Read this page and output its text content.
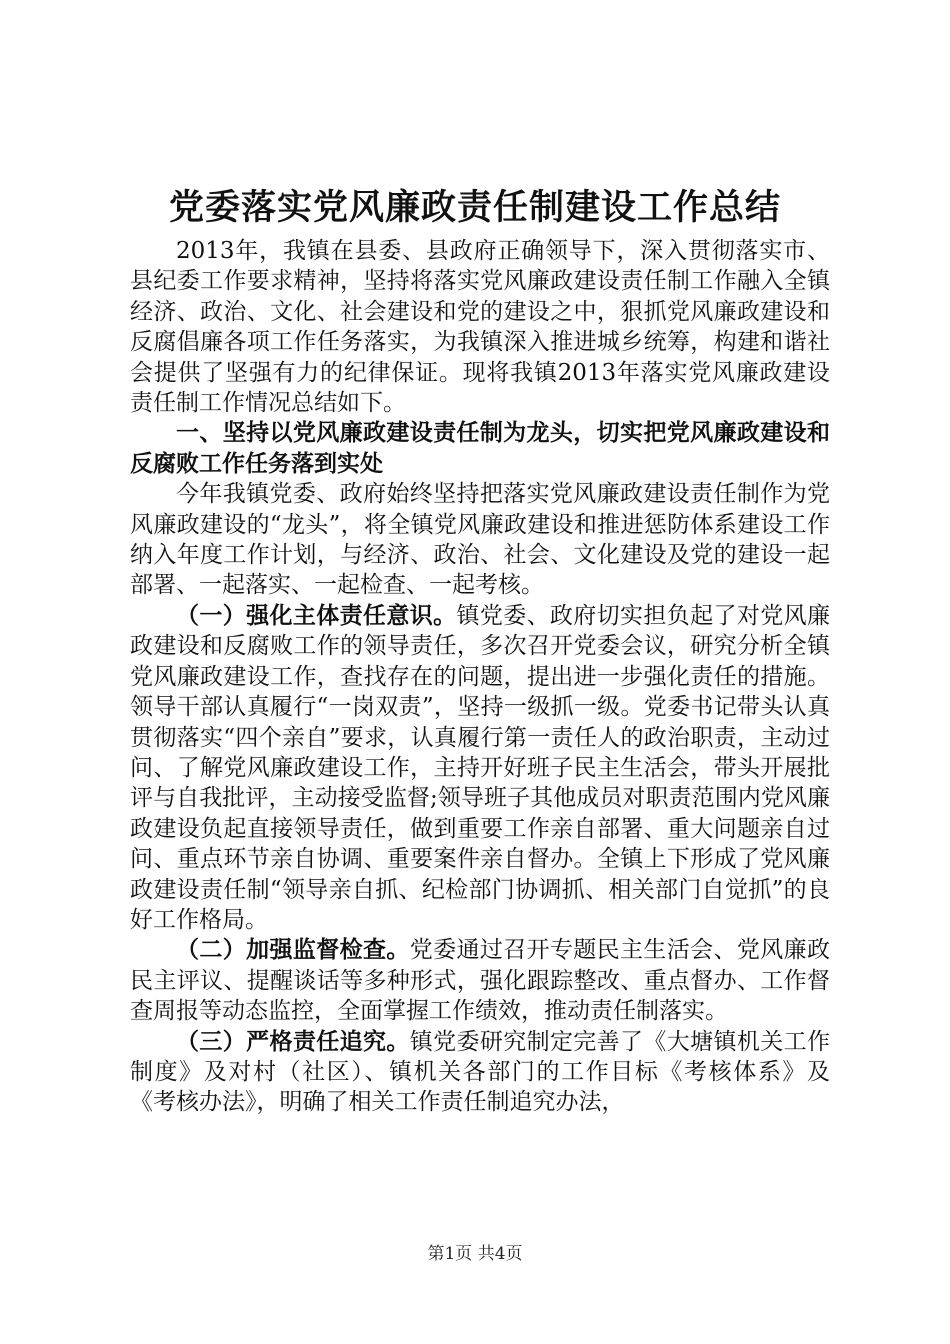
党委落实党风廉政责任制建设工作总结

2013年，我镇在县委、县政府正确领导下，深入贯彻落实市、县纪委工作要求精神，坚持将落实党风廉政建设责任制工作融入全镇经济、政治、文化、社会建设和党的建设之中，狠抓党风廉政建设和反腐倡廉各项工作任务落实，为我镇深入推进城乡统筹，构建和谐社会提供了坚强有力的纪律保证。现将我镇2013年落实党风廉政建设责任制工作情况总结如下。

一、坚持以党风廉政建设责任制为龙头，切实把党风廉政建设和反腐败工作任务落到实处

今年我镇党委、政府始终坚持把落实党风廉政建设责任制作为党风廉政建设的“龙头”，将全镇党风廉政建设和推进惩防体系建设工作纳入年度工作计划，与经济、政治、社会、文化建设及党的建设一起部署、一起落实、一起检查、一起考核。

（一）强化主体责任意识。镇党委、政府切实担负起了对党风廉政建设和反腐败工作的领导责任，多次召开党委会议，研究分析全镇党风廉政建设工作，查找存在的问题，提出进一步强化责任的措施。领导干部认真履行“一岗双责”，坚持一级抓一级。党委书记带头认真贯彻落实“四个亲自”要求，认真履行第一责任人的政治职责，主动过问、了解党风廉政建设工作，主持开好班子民主生活会，带头开展批评与自我批评，主动接受监督;领导班子其他成员对职责范围内党风廉政建设负起直接领导责任，做到重要工作亲自部署、重大问题亲自过问、重点环节亲自协调、重要案件亲自督办。全镇上下形成了党风廉政建设责任制“领导亲自抓、纪检部门协调抓、相关部门自觉抓”的良好工作格局。

（二）加强监督检查。党委通过召开专题民主生活会、党风廉政民主评议、提醒谈话等多种形式，强化跟踪整改、重点督办、工作督查周报等动态监控，全面掌握工作绩效，推动责任制落实。

（三）严格责任追究。镇党委研究制定完善了《大塘镇机关工作制度》及对村（社区）、镇机关各部门的工作目标《考核体系》及《考核办法》，明确了相关工作责任制追究办法，

第1页 共4页
